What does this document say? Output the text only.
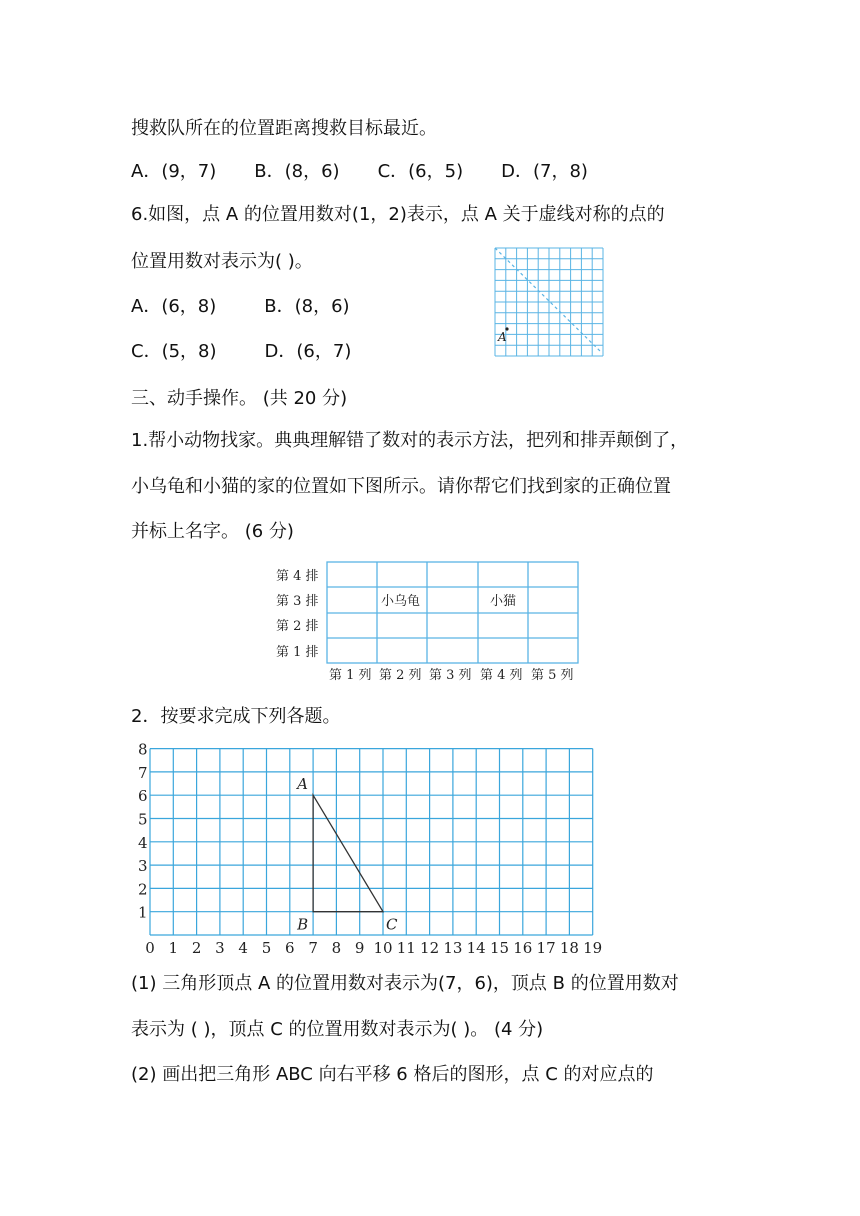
搜救队所在的位置距离搜救目标最近。
A．(9，7) B．(8，6) C．(6，5) D．(7，8)
6.如图，点 A 的位置用数对(1，2)表示，点 A 关于虚线对称的点的
位置用数对表示为( )。
A．(6，8)	B．(8，6)
C．(5，8)	D．(6，7)
A
三、动手操作。 (共 20 分)
1.帮小动物找家。典典理解错了数对的表示方法，把列和排弄颠倒了，
小乌龟和小猫的家的位置如下图所示。请你帮它们找到家的正确位置
并标上名字。 (6 分)
第 4 排
第 3 排
第 2 排
第 1 排
第 1 列 第 2 列 第 3 列 第 4 列 第 5 列
小乌龟	小猫
2．按要求完成下列各题。
1
2
3
4
5
6
7
8
0 1 2 3 4 5 6 7 8 9 10 11 12 13 14 15 16 17 18 19
A
B	C
(1) 三角形顶点 A 的位置用数对表示为(7，6)，顶点 B 的位置用数对
表示为 ( )，顶点 C 的位置用数对表示为( )。 (4 分)
(2) 画出把三角形 ABC 向右平移 6 格后的图形，点 C 的对应点的
